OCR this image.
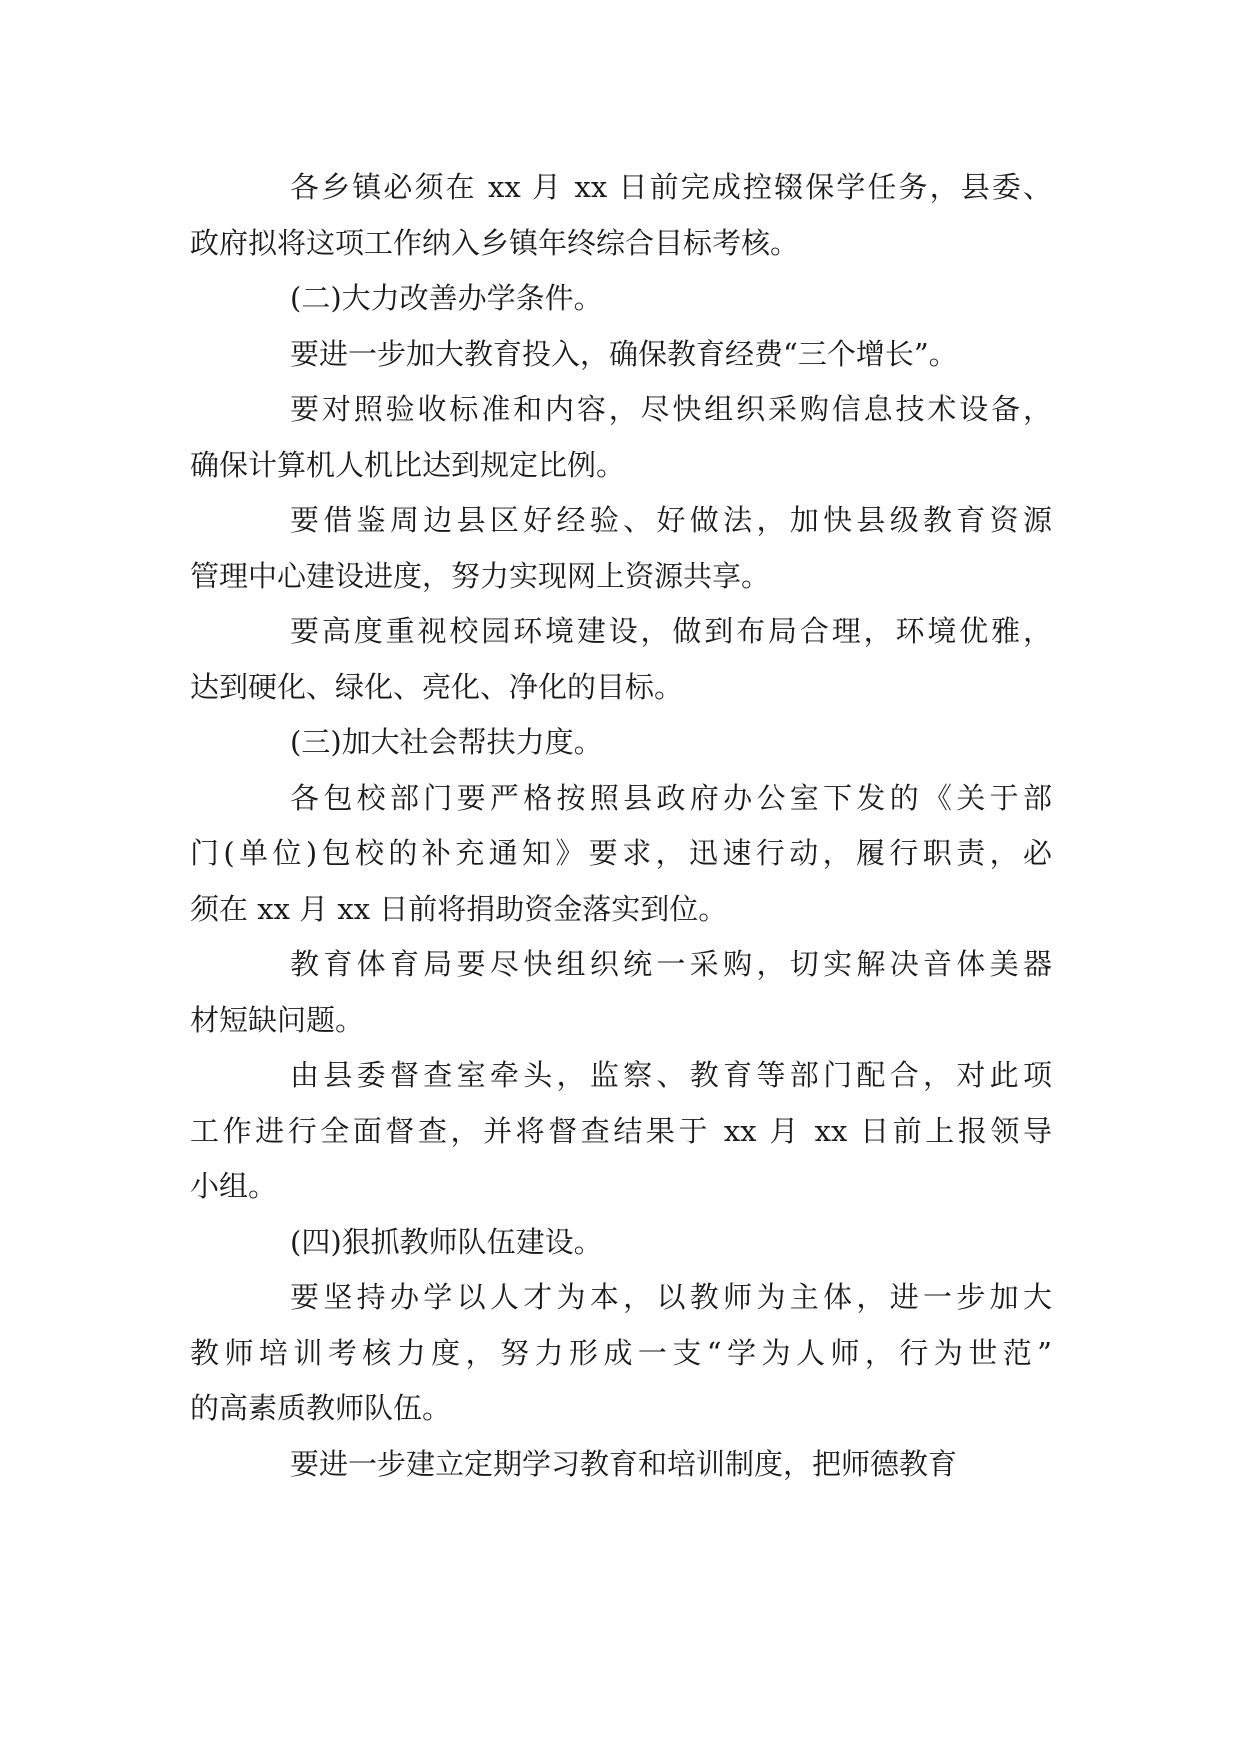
各乡镇必须在 xx 月 xx 日前完成控辍保学任务，县委、
政府拟将这项工作纳入乡镇年终综合目标考核。
(二)大力改善办学条件。
要进一步加大教育投入，确保教育经费“三个增长”。
要对照验收标准和内容，尽快组织采购信息技术设备，
确保计算机人机比达到规定比例。
要借鉴周边县区好经验、好做法，加快县级教育资源
管理中心建设进度，努力实现网上资源共享。
要高度重视校园环境建设，做到布局合理，环境优雅，
达到硬化、绿化、亮化、净化的目标。
(三)加大社会帮扶力度。
各包校部门要严格按照县政府办公室下发的《关于部
门(单位)包校的补充通知》要求，迅速行动，履行职责，必
须在 xx 月 xx 日前将捐助资金落实到位。
教育体育局要尽快组织统一采购，切实解决音体美器
材短缺问题。
由县委督查室牵头，监察、教育等部门配合，对此项
工作进行全面督查，并将督查结果于 xx 月 xx 日前上报领导
小组。
(四)狠抓教师队伍建设。
要坚持办学以人才为本，以教师为主体，进一步加大
教师培训考核力度，努力形成一支“学为人师，行为世范”
的高素质教师队伍。
要进一步建立定期学习教育和培训制度，把师德教育
